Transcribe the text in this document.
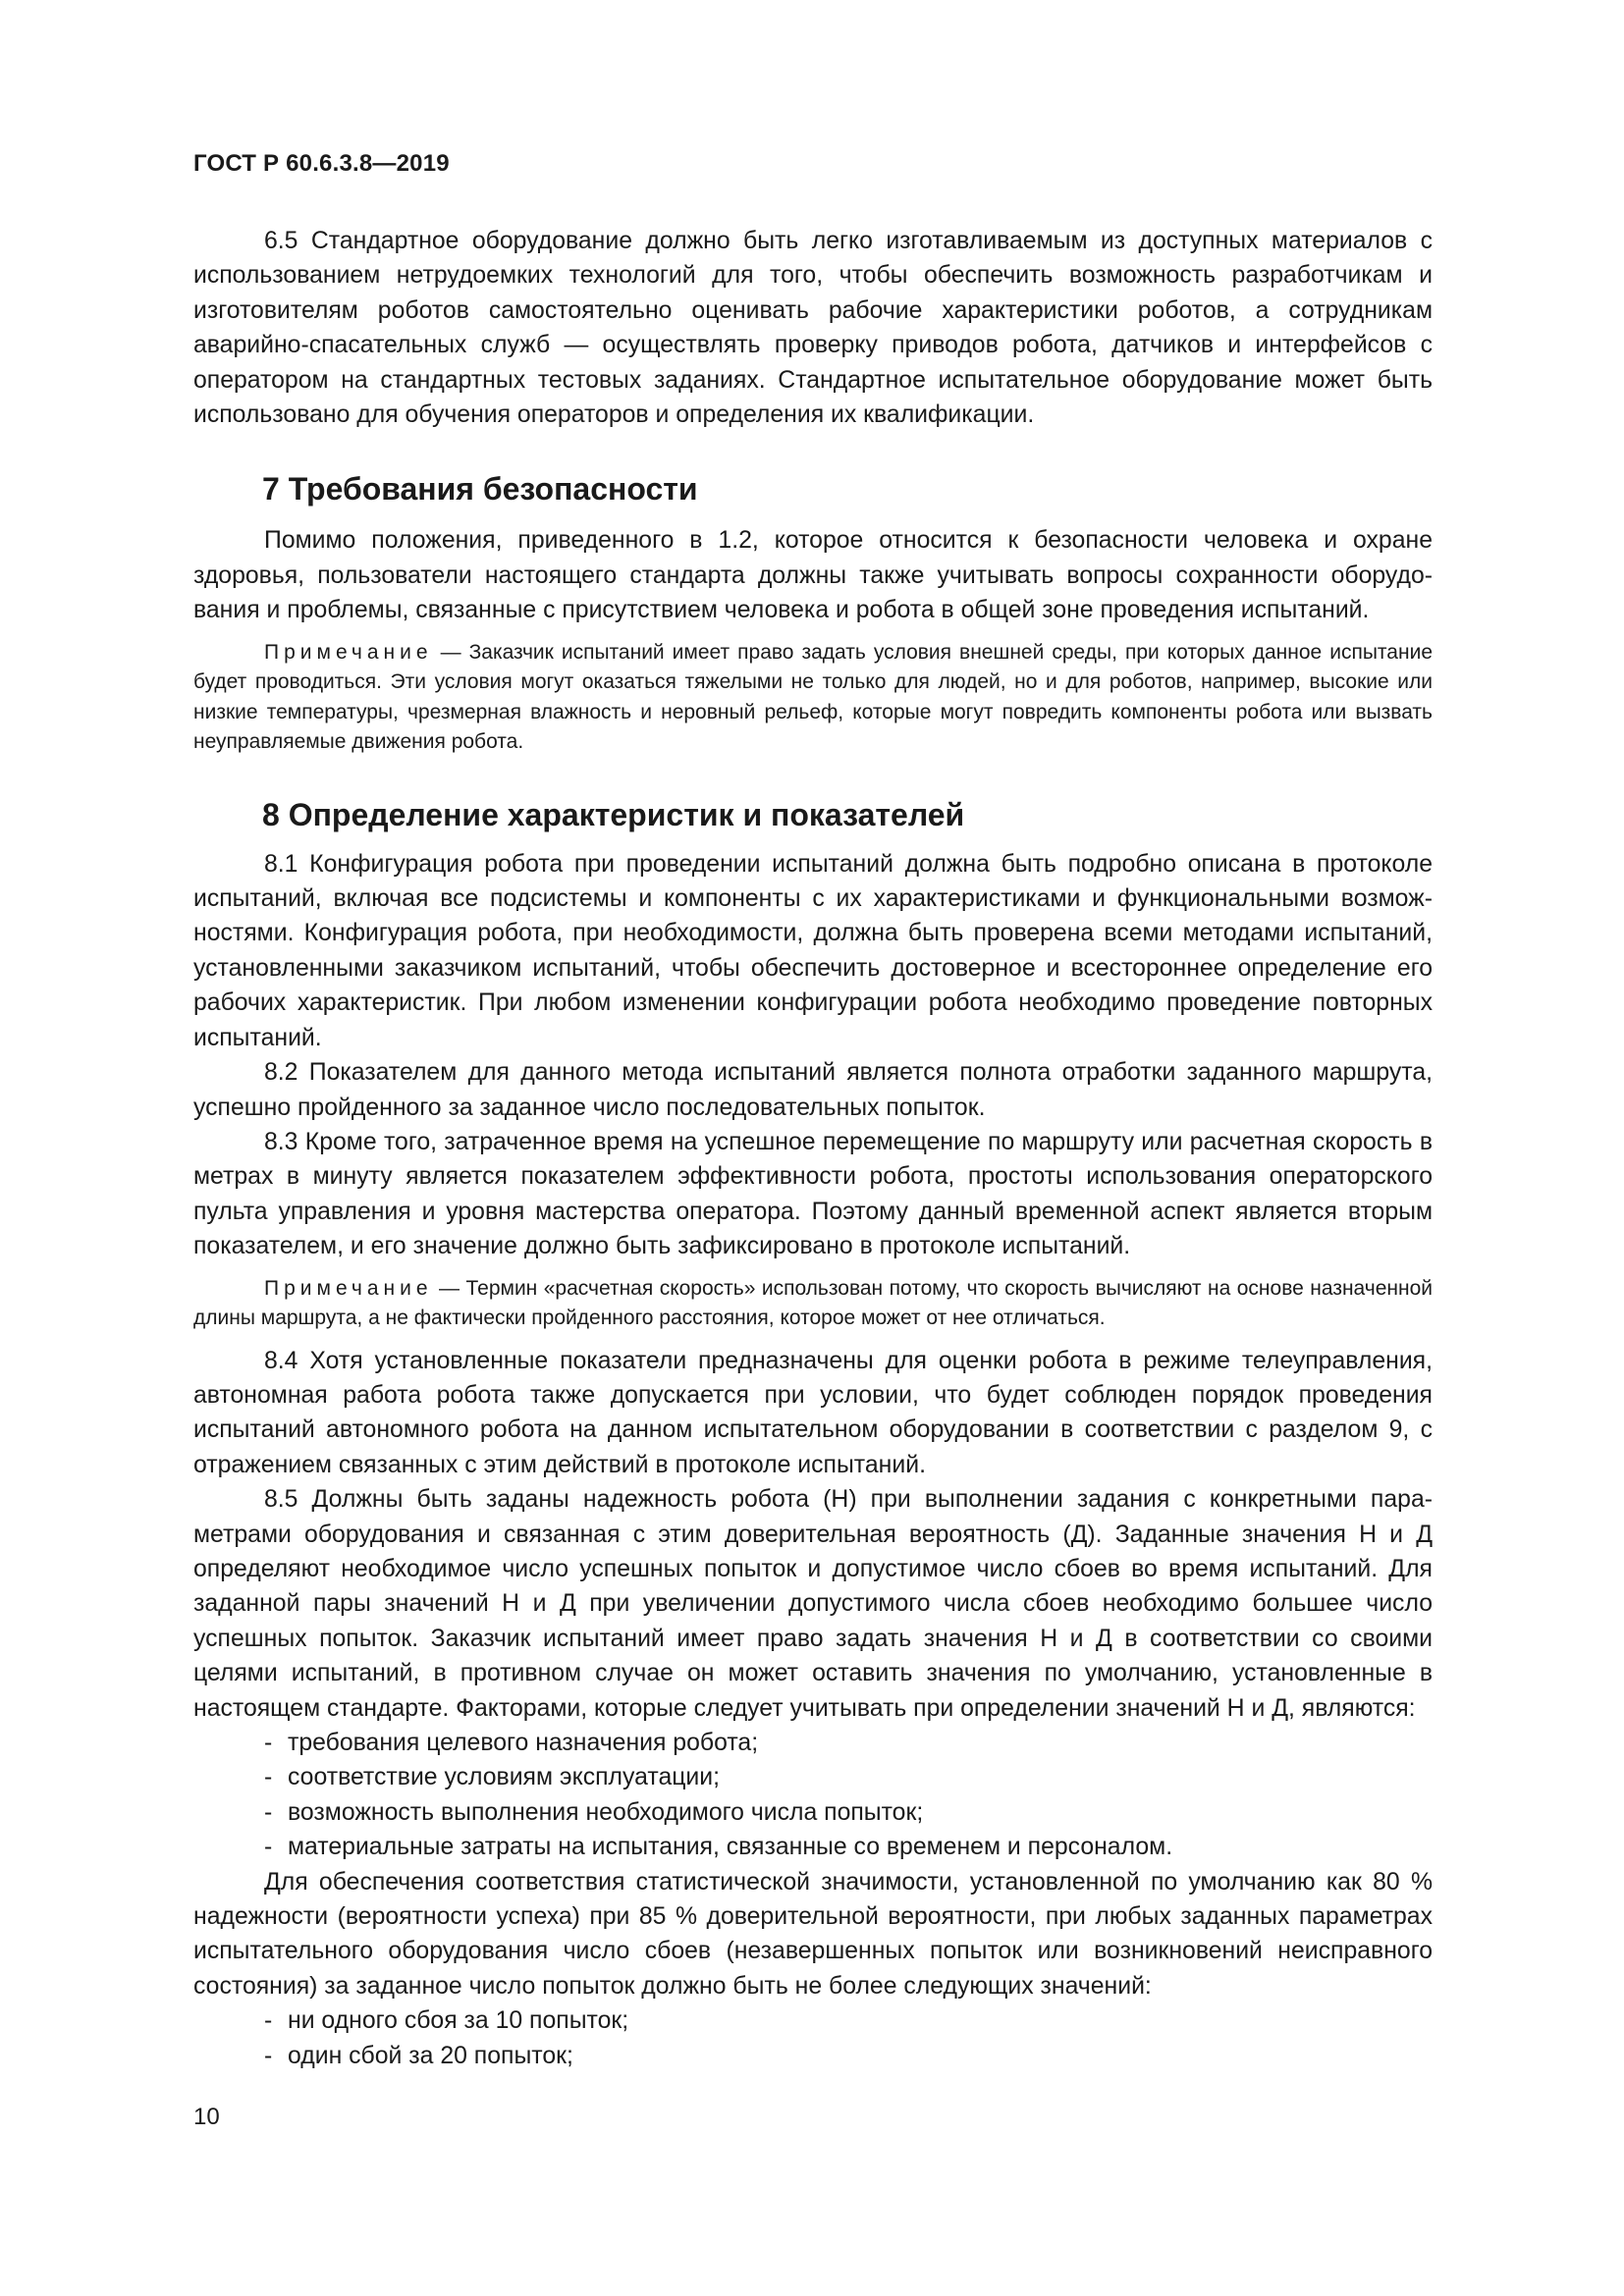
ГОСТ Р 60.6.3.8—2019

6.5 Стандартное оборудование должно быть легко изготавливаемым из доступных материалов с использованием нетрудоемких технологий для того, чтобы обеспечить возможность разработчикам и изготовителям роботов самостоятельно оценивать рабочие характеристики роботов, а сотрудникам аварийно-спасательных служб — осуществлять проверку приводов робота, датчиков и интерфейсов с оператором на стандартных тестовых заданиях. Стандартное испытательное оборудование может быть использовано для обучения операторов и определения их квалификации.

7 Требования безопасности

Помимо положения, приведенного в 1.2, которое относится к безопасности человека и охране здоровья, пользователи настоящего стандарта должны также учитывать вопросы сохранности оборудования и проблемы, связанные с присутствием человека и робота в общей зоне проведения испытаний.

Примечание — Заказчик испытаний имеет право задать условия внешней среды, при которых данное испытание будет проводиться. Эти условия могут оказаться тяжелыми не только для людей, но и для роботов, например, высокие или низкие температуры, чрезмерная влажность и неровный рельеф, которые могут повредить компоненты робота или вызвать неуправляемые движения робота.

8 Определение характеристик и показателей

8.1 Конфигурация робота при проведении испытаний должна быть подробно описана в протоколе испытаний, включая все подсистемы и компоненты с их характеристиками и функциональными возможностями. Конфигурация робота, при необходимости, должна быть проверена всеми методами испытаний, установленными заказчиком испытаний, чтобы обеспечить достоверное и всестороннее определение его рабочих характеристик. При любом изменении конфигурации робота необходимо проведение повторных испытаний.

8.2 Показателем для данного метода испытаний является полнота отработки заданного маршрута, успешно пройденного за заданное число последовательных попыток.

8.3 Кроме того, затраченное время на успешное перемещение по маршруту или расчетная скорость в метрах в минуту является показателем эффективности робота, простоты использования операторского пульта управления и уровня мастерства оператора. Поэтому данный временной аспект является вторым показателем, и его значение должно быть зафиксировано в протоколе испытаний.

Примечание — Термин «расчетная скорость» использован потому, что скорость вычисляют на основе назначенной длины маршрута, а не фактически пройденного расстояния, которое может от нее отличаться.

8.4 Хотя установленные показатели предназначены для оценки робота в режиме телеуправления, автономная работа робота также допускается при условии, что будет соблюден порядок проведения испытаний автономного робота на данном испытательном оборудовании в соответствии с разделом 9, с отражением связанных с этим действий в протоколе испытаний.

8.5 Должны быть заданы надежность робота (Н) при выполнении задания с конкретными параметрами оборудования и связанная с этим доверительная вероятность (Д). Заданные значения Н и Д определяют необходимое число успешных попыток и допустимое число сбоев во время испытаний. Для заданной пары значений Н и Д при увеличении допустимого числа сбоев необходимо большее число успешных попыток. Заказчик испытаний имеет право задать значения Н и Д в соответствии со своими целями испытаний, в противном случае он может оставить значения по умолчанию, установленные в настоящем стандарте. Факторами, которые следует учитывать при определении значений Н и Д, являются:

- требования целевого назначения робота;
- соответствие условиям эксплуатации;
- возможность выполнения необходимого числа попыток;
- материальные затраты на испытания, связанные со временем и персоналом.

Для обеспечения соответствия статистической значимости, установленной по умолчанию как 80 % надежности (вероятности успеха) при 85 % доверительной вероятности, при любых заданных параметрах испытательного оборудования число сбоев (незавершенных попыток или возникновений неисправного состояния) за заданное число попыток должно быть не более следующих значений:

- ни одного сбоя за 10 попыток;
- один сбой за 20 попыток;
10
